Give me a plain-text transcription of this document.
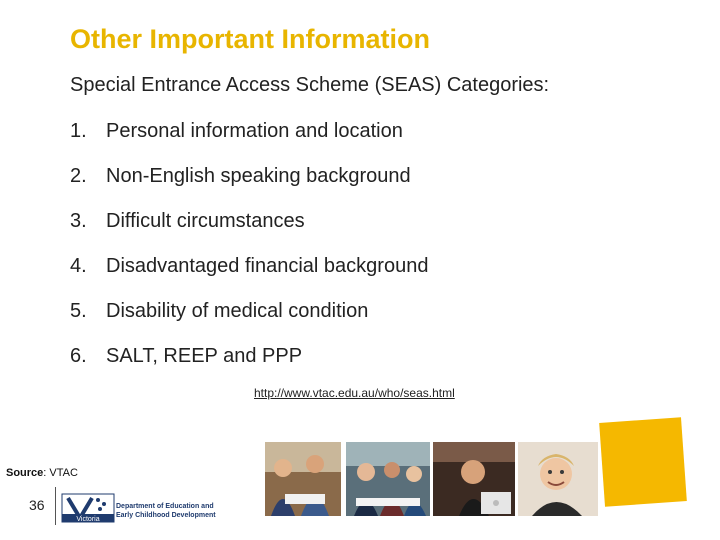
Other Important Information
Special Entrance Access Scheme (SEAS) Categories:
1. Personal information and location
2. Non-English speaking background
3. Difficult circumstances
4. Disadvantaged financial background
5. Disability of medical condition
6. SALT, REEP and PPP
http://www.vtac.edu.au/who/seas.html
Source: VTAC
36
Victoria
Department of Education and
Early Childhood Development
